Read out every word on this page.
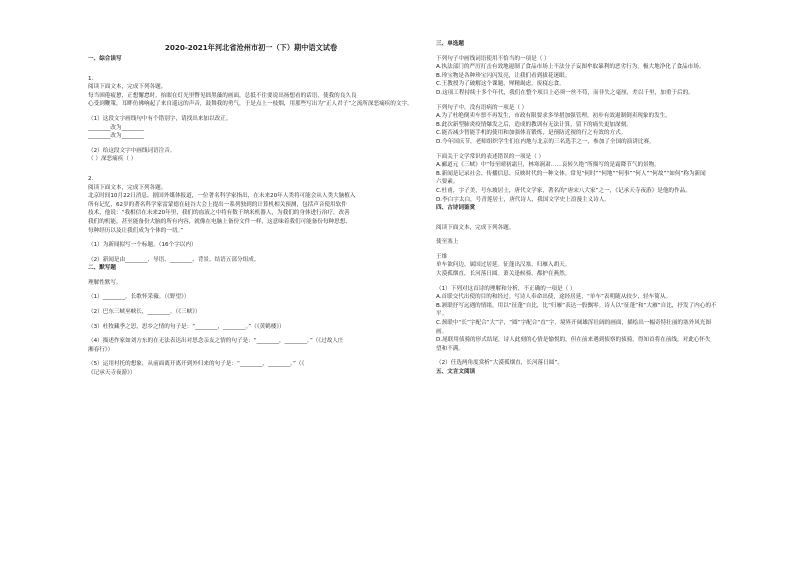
2020-2021年河北省沧州市初一（下）期中语文试卷

一、综合读写

1.

阅读下面文本，完成下列各题。

每当困倦疲惫，正想懈怠时，抬眼在灯光里瞥见拙黑藻的画面，总抵不住要说出扬想看的话语，使我的良久良

心受到鞭策，耳畔仿佛响起了来自遥远的声音，鼓舞我的勇气，于是点上一枝烟，用那些写出为“正人君子”之流所深恶痛疾的文字。

（1）这段文字画线句中有个错别字，请找出来加以改正。

________改为________

________改为________

（2）给这段文字中画线词语注音。

（ ）深恶痛疾（ ）

2.

阅读下面文本，完成下列各题。

北京时间10月22日消息，据国外媒体报道，一位著名科学家指出，在未来20年人类将可能会从人类大脑植入

所有记忆，62岁的著名科学家雷蒙德在硅谷大会上提出一系列独到的计算机相关预测，包括声音使用软件

技术，他说：“我相信在未来20年里，我们的血液之中将有数千纳米机器人，为我们的身体进行治疗，改善

我们的机能，甚至能备份大脑的所有内容，就像在电脑上备份文件一样，这意味着我们可能备份每种思想、

每种经历以及让我们成为个体的一切。”

（1）为新闻拟写一个标题。（16个字以内）

（2）新闻是由________、导语、________、背景、结语五部分组成。

二、默写题

理解性默写。

（1）________，长歌怀采薇。（《野望》）

（2）巴东三峡巫峡长，________。（《三峡》）

（3）杜牧藏季之思，思乡之情的句子是：“________，________。”（《黄鹤楼》）

（4）描述作家如刘方东的在无法表达出对思念亲友之情的句子是：“________，________。”（《过故人庄

湘春行》）

（5）运用衬托的想象，从前面离开离开到外归来的句子是：“________，________。”（《

《记承天寺夜游》）

三、单选题

下列句子中画线词语使用不恰当的一项是（ ）

A.执法部门的严厉打击有效地遏制了食品市场上不法分子妄图牟取暴利的恶劣行为，极大地净化了食品市场。

B.珍宝物是各种珍宝闪闪发亮，让我们看到拔花迷眼。

C.王教授为了破解这个课题，殚精竭虑，废寝忘食。

D.这项工程持续十多个年代，我们在整个项目上必须一丝不苟，而非失之毫厘，差以千里，加重于后的。

下列句子中，没有语病的一项是（ ）

A.为了杜绝倒卖车票不再发生，市政有限要求多举措加强管理，初步有效遏制倒卖现象的发生。

B.此次新型肺炎疫情爆发之后，造成的教训有无法计算，留下的痛失更加深刻。

C.能否减少智能手机的使用和加强体育锻炼，是预防近视的行之有效的方式。

D.今年国庆节，老师组织学生们在内地与北京的三名选手之一，参加了全国的演讲比赛。

下面关于文学常识的表述错误的一项是（ ）

A.郦道元《三峡》中“每至晴初霜旦，林寒涧肃……哀转久绝”所描写的是霜降节气的景物。

B.新闻是记录社会、传播信息、反映时代的一种文体。常见“何时”“何地”“何事”“何人”“何故”“如何”称为新闻

六要素。

C.杜甫，字子美，号东坡居士，唐代文学家，著名的“唐宋八大家”之一，《记承天寺夜游》是他的作品。

D.李白字太白，号青莲居士，唐代诗人，我国文学史上浪漫主义诗人。

四、古诗词鉴赏

阅读下面文本，完成下列各题。

使至塞上

王维

单车欲问边，属国过居延。征蓬出汉塞，归雁入胡天。

大漠孤烟直，长河落日圆。萧关逢候骑，都护在燕然。

（1）下列对这首诗的理解和分析，不正确的一项是（ ）

A.首联交代出使的目的和经过。写诗人奉命出使，途经居延，“单车”表明随从较少，轻车简从。

B.颔联抒写远遇的情绪，用以“征蓬”自比，比“归雁”表达一股飘零。诗人以“征蓬”和“大雁”自比，抒发了内心的不

平。

C.颈联中“长”字配合“大”字，“圆”字配合“直”字，境界开阔雄浑壮阔的画面，描绘出一幅奇特壮丽的塞外风光图

画。

D.尾联用侦骑的形式结尾，诗人此刻的心情是愉悦的，但在前来遇到侦察的侦骑，得知首将在前线，对此心怀失

望和不满。

（2）任选两角度赏析“大漠孤烟直，长河落日圆”。

五、文言文阅读
